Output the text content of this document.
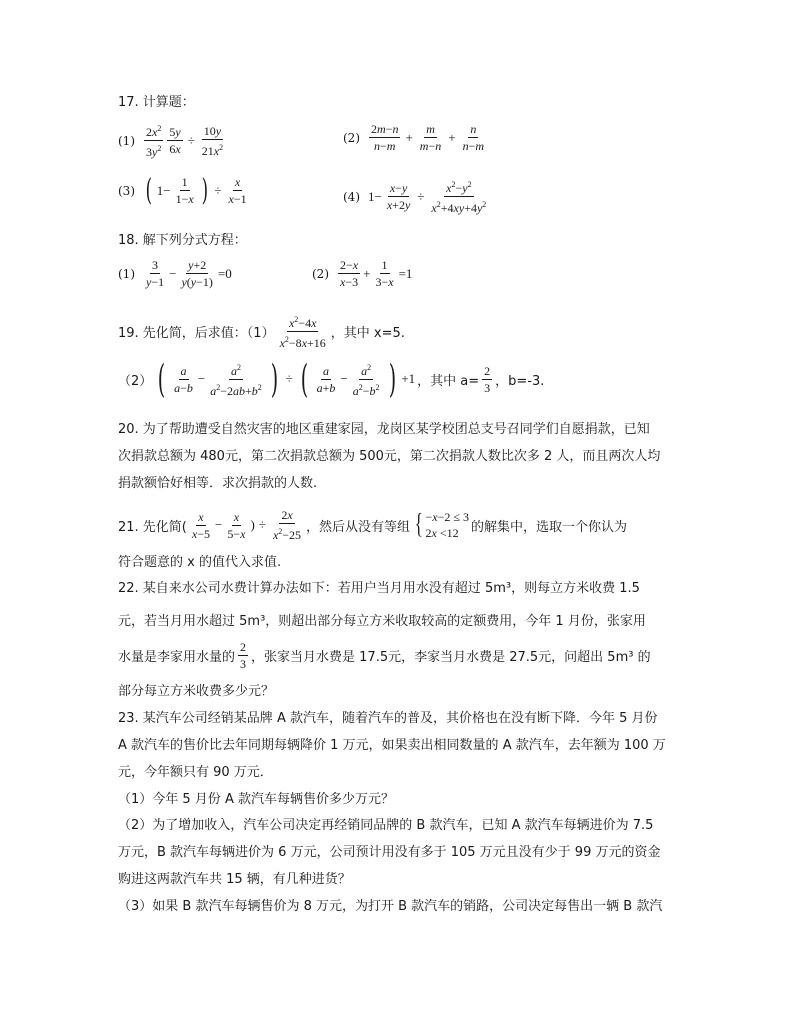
17. 计算题：
$(1) \frac{2x^2}{3y^2} \frac{5y}{6x} \div \frac{10y}{21x^2}$	$(2) \frac{2m-n}{n-m} + \frac{m}{m-n} + \frac{n}{n-m}$
(3) ( $1- \frac{1}{1-x}$ ) ÷ $\frac{x}{x-1}$	(4) $1- \frac{x-y}{x+2y} \div \frac{x^2-y^2}{x^2+4xy+4y^2}$
18. 解下列分式方程：
$(1) \frac{3}{y-1} - \frac{y+2}{y(y-1)} =0$	$(2) \frac{2-x}{x-3} + \frac{1}{3-x} =1$
19. 先化简，后求值：$(1) \frac{x^2-4x}{x^2-8x+16}$ ，其中 x=5.
（2） ( $\frac{a}{a-b} - \frac{a^2}{a^2-2ab+b^2}$ ) ÷ ( $\frac{a}{a+b} - \frac{a^2}{a^2-b^2}$ ) +1 ，其中 $a= \frac{2}{3}$ ，b=-3.
20. 为了帮助遭受自然灾害的地区重建家园，龙岗区某学校团总支号召同学们自愿捐款，已知
次捐款总额为 480元，第二次捐款总额为 500元，第二次捐款人数比次多 2 人，而且两次人均
捐款额恰好相等．求次捐款的人数.
21. 先化简( $\frac{x}{x-5} - \frac{x}{5-x}$ ) ÷ $\frac{2x}{x^2-25}$ ，然后从没有等组 { −x−2 ≤ 3
2x <12 的解集中，选取一个你认为
符合题意的 x 的值代入求值.
22. 某自来水公司水费计算办法如下：若用户当月用水没有超过 5m³，则每立方米收费 1.5
元，若当月用水超过 5m³，则超出部分每立方米收取较高的定额费用，今年 1 月份，张家用
水量是李家用水量的 $\frac{2}{3}$ ，张家当月水费是 17.5元，李家当月水费是 27.5元，问超出 5m³ 的
部分每立方米收费多少元？
23. 某汽车公司经销某品牌 A 款汽车，随着汽车的普及，其价格也在没有断下降．今年 5 月份
A 款汽车的售价比去年同期每辆降价 1 万元，如果卖出相同数量的 A 款汽车，去年额为 100 万
元，今年额只有 90 万元．
（1）今年 5 月份 A 款汽车每辆售价多少万元？
（2）为了增加收入，汽车公司决定再经销同品牌的 B 款汽车，已知 A 款汽车每辆进价为 7.5
万元，B 款汽车每辆进价为 6 万元，公司预计用没有多于 105 万元且没有少于 99 万元的资金
购进这两款汽车共 15 辆，有几种进货？
（3）如果 B 款汽车每辆售价为 8 万元，为打开 B 款汽车的销路，公司决定每售出一辆 B 款汽
